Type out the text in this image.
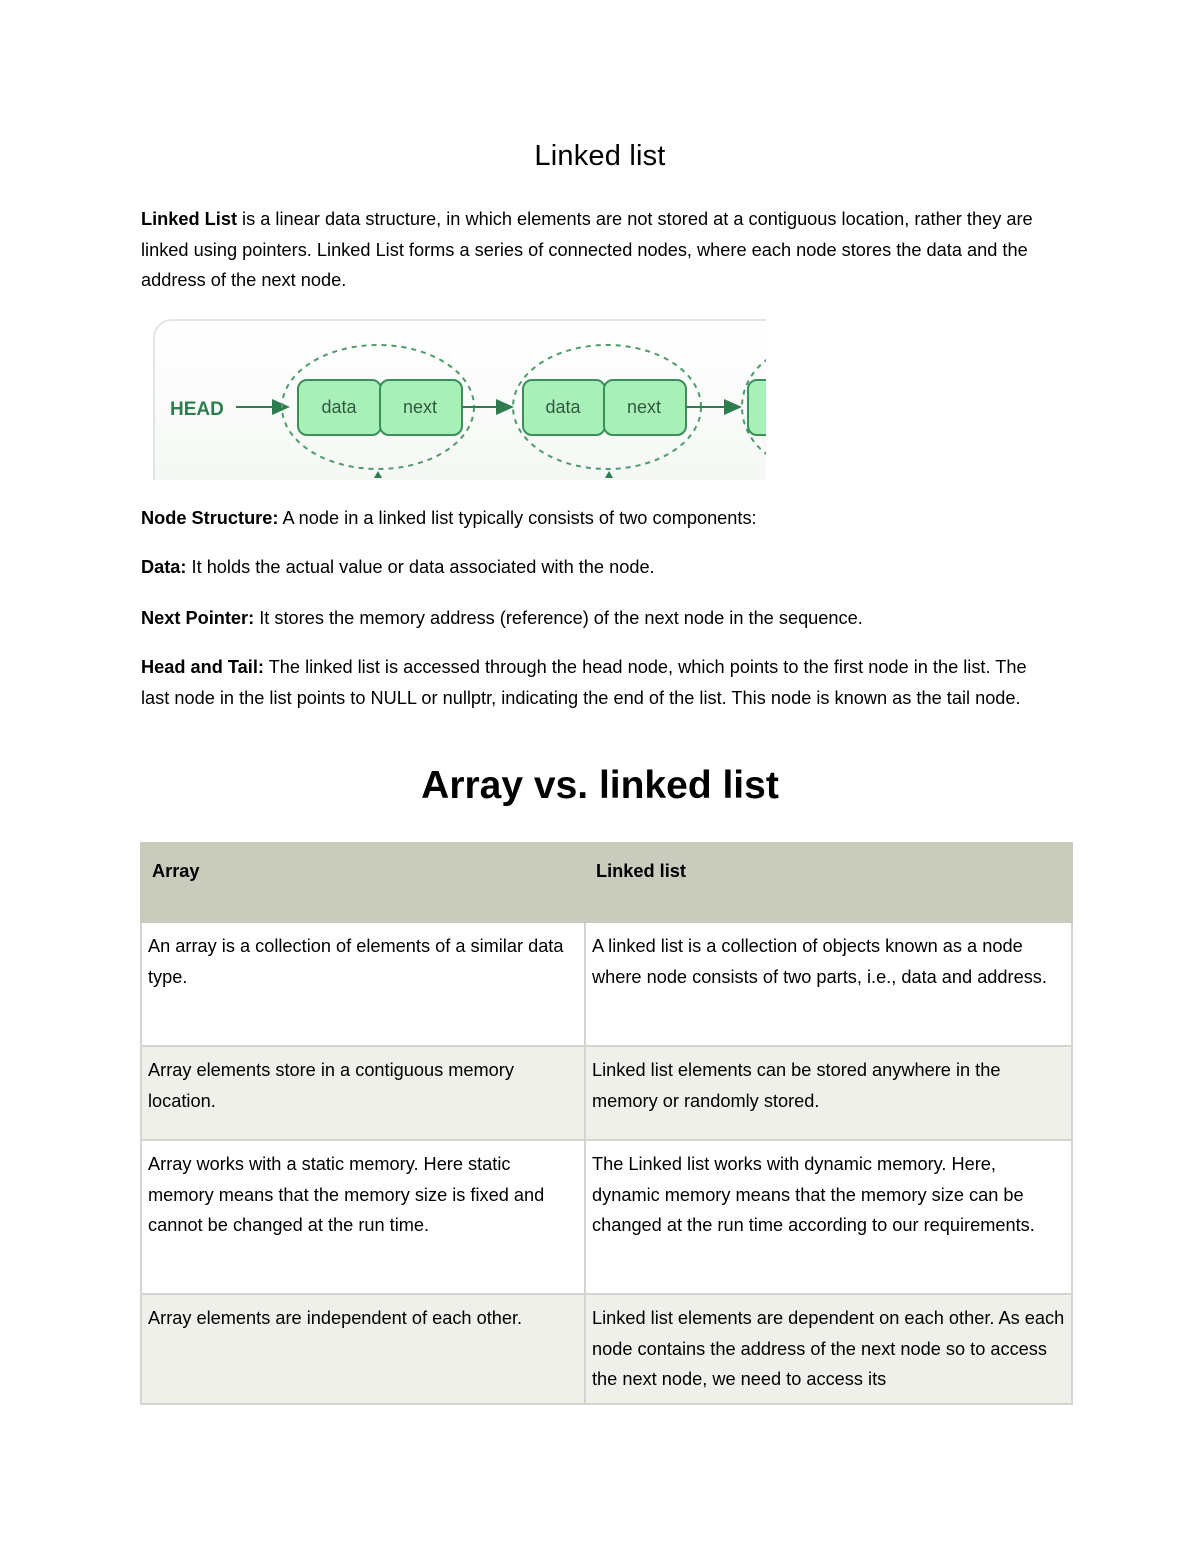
Linked list

Linked List is a linear data structure, in which elements are not stored at a contiguous location, rather they are linked using pointers. Linked List forms a series of connected nodes, where each node stores the data and the address of the next node.

HEAD	data	next	data	next

Node Structure: A node in a linked list typically consists of two components:

Data: It holds the actual value or data associated with the node.

Next Pointer: It stores the memory address (reference) of the next node in the sequence.

Head and Tail: The linked list is accessed through the head node, which points to the first node in the list. The last node in the list points to NULL or nullptr, indicating the end of the list. This node is known as the tail node.

Array vs. linked list
Array	Linked list
An array is a collection of elements of a similar data type.	A linked list is a collection of objects known as a node where node consists of two parts, i.e., data and address.
Array elements store in a contiguous memory location.	Linked list elements can be stored anywhere in the memory or randomly stored.
Array works with a static memory. Here static memory means that the memory size is fixed and cannot be changed at the run time.	The Linked list works with dynamic memory. Here, dynamic memory means that the memory size can be changed at the run time according to our requirements.
Array elements are independent of each other.	Linked list elements are dependent on each other. As each node contains the address of the next node so to access the next node, we need to access its
